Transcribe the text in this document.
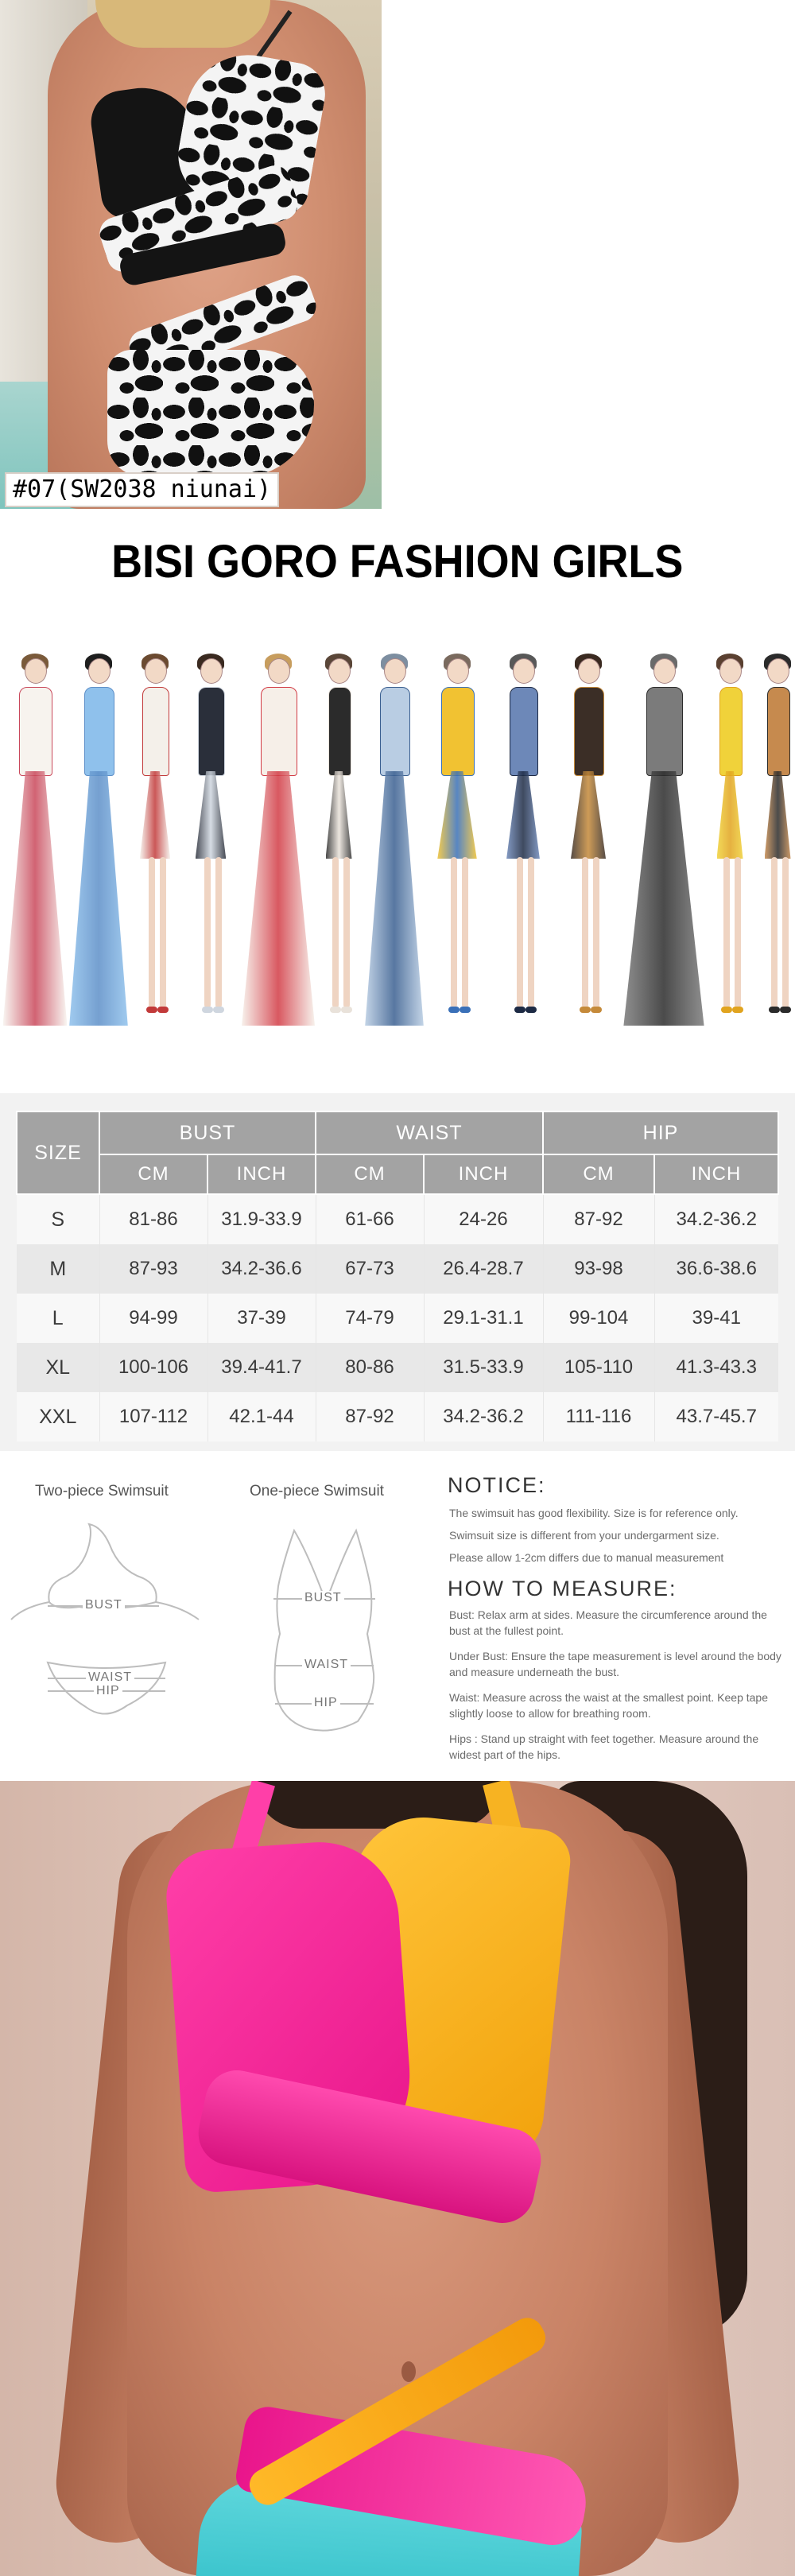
#07(SW2038 niunai)
BISI GORO FASHION GIRLS
SIZE	BUST		WAIST		HIP	
	CM	INCH	CM	INCH	CM	INCH
S	81-86	31.9-33.9	61-66	24-26	87-92	34.2-36.2
M	87-93	34.2-36.6	67-73	26.4-28.7	93-98	36.6-38.6
L	94-99	37-39	74-79	29.1-31.1	99-104	39-41
XL	100-106	39.4-41.7	80-86	31.5-33.9	105-110	41.3-43.3
XXL	107-112	42.1-44	87-92	34.2-36.2	111-116	43.7-45.7
Two-piece Swimsuit	One-piece Swimsuit
BUST
WAIST
HIP
BUST
WAIST
HIP
NOTICE:
The swimsuit has good flexibility. Size is for reference only.
Swimsuit size is different from your undergarment size.
Please allow 1-2cm differs due to manual measurement
HOW TO MEASURE:
Bust: Relax arm at sides. Measure the circumference around the bust at the fullest point.
Under Bust: Ensure the tape measurement is level around the body and measure underneath the bust.
Waist: Measure across the waist at the smallest point. Keep tape slightly loose to allow for breathing room.
Hips : Stand up straight with feet together. Measure around the widest part of the hips.
